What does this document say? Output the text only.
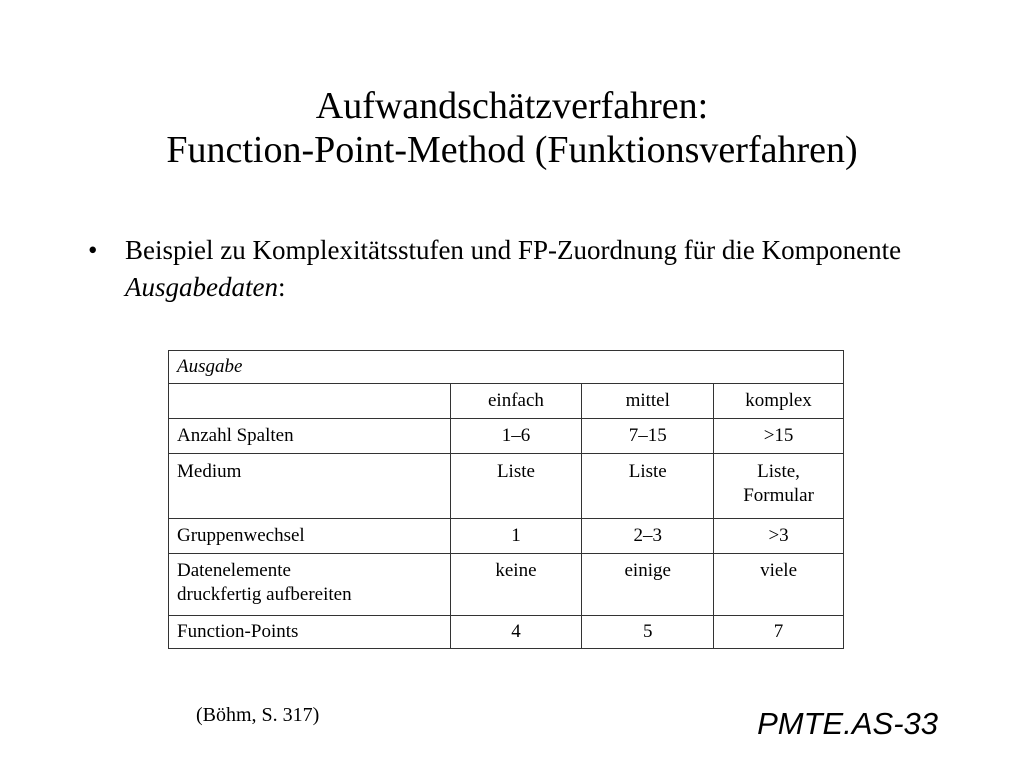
Aufwandschätzverfahren:
Function-Point-Method (Funktionsverfahren)
• Beispiel zu Komplexitätsstufen und FP-Zuordnung für die Komponente Ausgabedaten:
Ausgabe			
	einfach	mittel	komplex

Anzahl Spalten	1–6	7–15	>15

Medium	Liste	Liste	Liste,
Formular

Gruppenwechsel	1	2–3	>3

Datenelemente
druckfertig aufbereiten	keine	einige	viele

Function-Points	4	5	7
(Böhm, S. 317)	PMTE.AS-33
